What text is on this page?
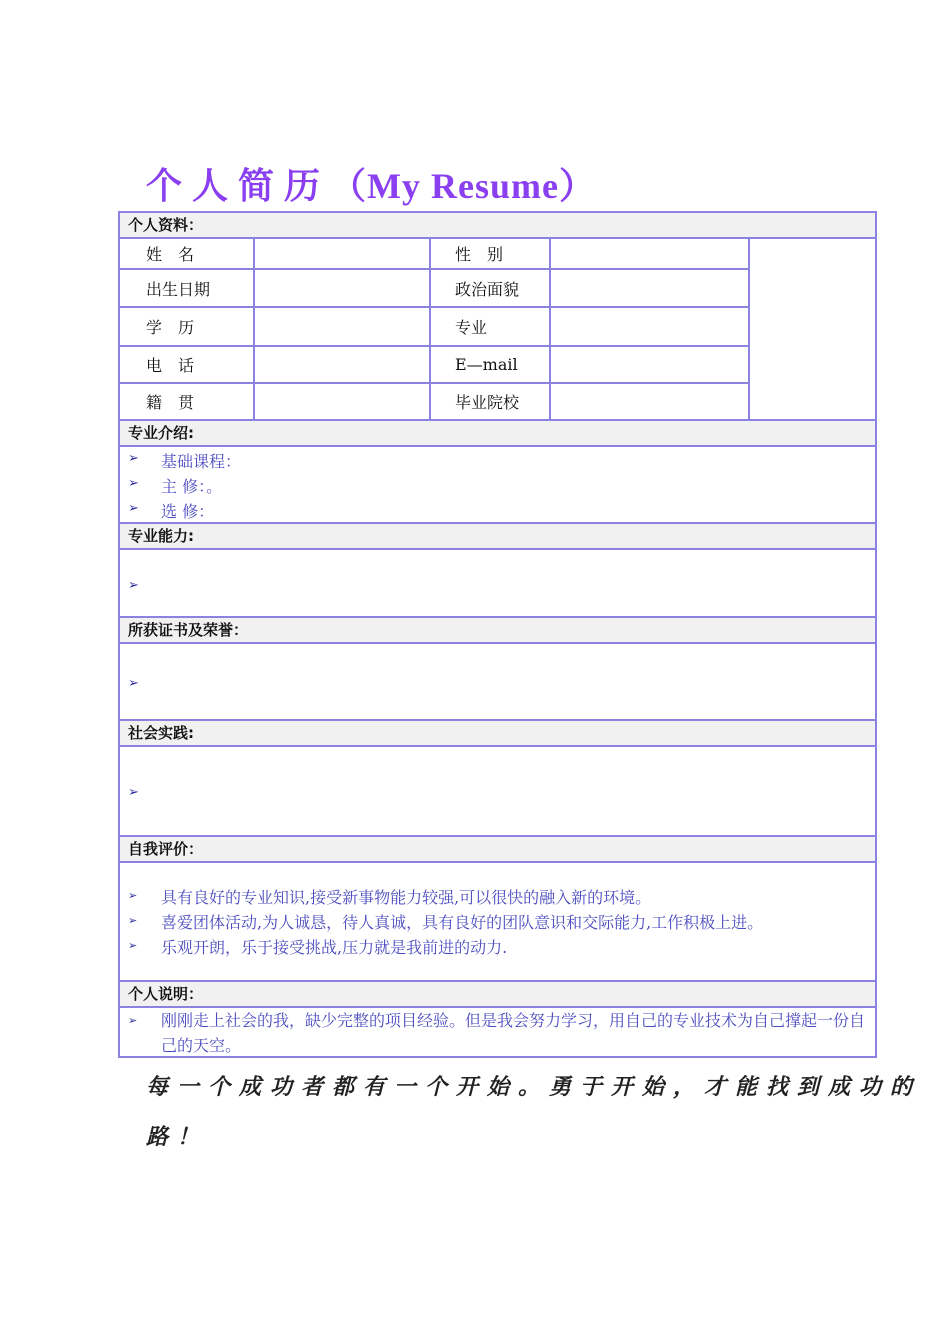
个人简历（My Resume）
个人资料：
姓　名	性　别
出生日期	政治面貌
学　历	专业
电　话	E—mail
籍　贯	毕业院校
专业介绍:
➢ 基础课程：
➢ 主 修：。
➢ 选 修：
专业能力:
➢
所获证书及荣誉：
➢
社会实践:
➢
自我评价：
➢ 具有良好的专业知识,接受新事物能力较强,可以很快的融入新的环境。
➢ 喜爱团体活动,为人诚恳，待人真诚，具有良好的团队意识和交际能力,工作积极上进。
➢ 乐观开朗，乐于接受挑战,压力就是我前进的动力.
个人说明：
➢ 刚刚走上社会的我，缺少完整的项目经验。但是我会努力学习，用自己的专业技术为自己撑起一份自己的天空。
每一个成功者都有一个开始。勇于开始，才能找到成功的
路！
